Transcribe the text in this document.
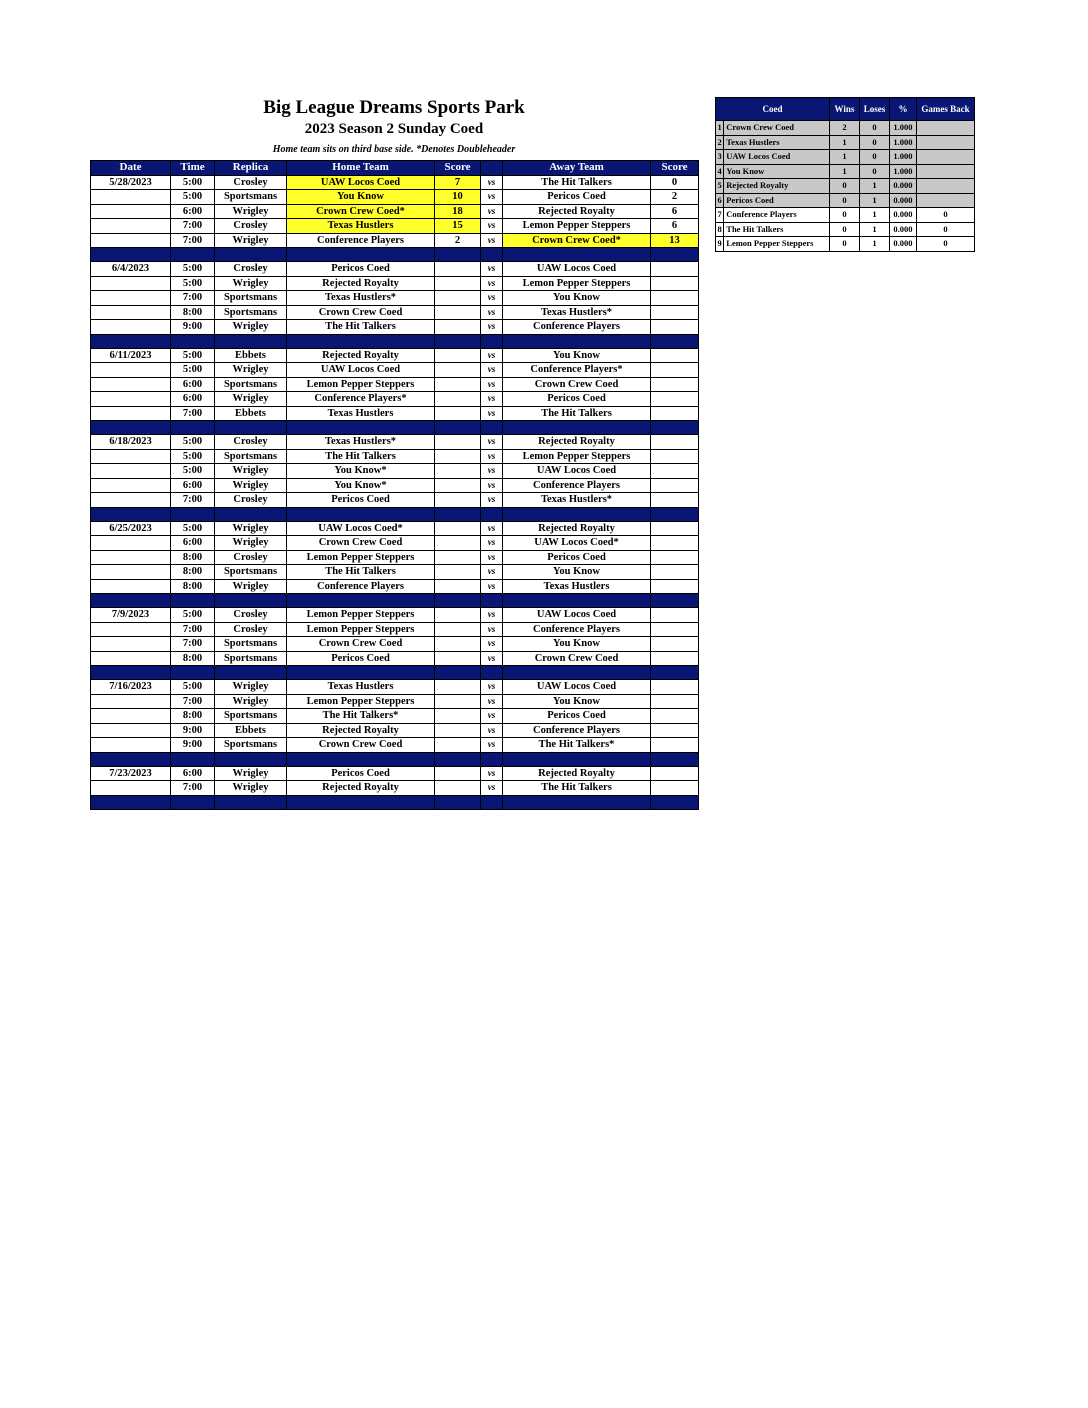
Big League Dreams Sports Park
2023 Season 2 Sunday Coed
Home team sits on third base side. *Denotes Doubleheader
Date	Time	Replica	Home Team	Score		Away Team	Score
5/28/2023	5:00	Crosley	UAW Locos Coed	7	vs	The Hit Talkers	0
	5:00	Sportsmans	You Know	10	vs	Pericos Coed	2
	6:00	Wrigley	Crown Crew Coed*	18	vs	Rejected Royalty	6
	7:00	Crosley	Texas Hustlers	15	vs	Lemon Pepper Steppers	6
	7:00	Wrigley	Conference Players	2	vs	Crown Crew Coed*	13

6/4/2023	5:00	Crosley	Pericos Coed		vs	UAW Locos Coed	
	5:00	Wrigley	Rejected Royalty		vs	Lemon Pepper Steppers	
	7:00	Sportsmans	Texas Hustlers*		vs	You Know	
	8:00	Sportsmans	Crown Crew Coed		vs	Texas Hustlers*	
	9:00	Wrigley	The Hit Talkers		vs	Conference Players	

6/11/2023	5:00	Ebbets	Rejected Royalty		vs	You Know	
	5:00	Wrigley	UAW Locos Coed		vs	Conference Players*	
	6:00	Sportsmans	Lemon Pepper Steppers		vs	Crown Crew Coed	
	6:00	Wrigley	Conference Players*		vs	Pericos Coed	
	7:00	Ebbets	Texas Hustlers		vs	The Hit Talkers	

6/18/2023	5:00	Crosley	Texas Hustlers*		vs	Rejected Royalty	
	5:00	Sportsmans	The Hit Talkers		vs	Lemon Pepper Steppers	
	5:00	Wrigley	You Know*		vs	UAW Locos Coed	
	6:00	Wrigley	You Know*		vs	Conference Players	
	7:00	Crosley	Pericos Coed		vs	Texas Hustlers*	

6/25/2023	5:00	Wrigley	UAW Locos Coed*		vs	Rejected Royalty	
	6:00	Wrigley	Crown Crew Coed		vs	UAW Locos Coed*	
	8:00	Crosley	Lemon Pepper Steppers		vs	Pericos Coed	
	8:00	Sportsmans	The Hit Talkers		vs	You Know	
	8:00	Wrigley	Conference Players		vs	Texas Hustlers	

7/9/2023	5:00	Crosley	Lemon Pepper Steppers		vs	UAW Locos Coed	
	7:00	Crosley	Lemon Pepper Steppers		vs	Conference Players	
	7:00	Sportsmans	Crown Crew Coed		vs	You Know	
	8:00	Sportsmans	Pericos Coed		vs	Crown Crew Coed	

7/16/2023	5:00	Wrigley	Texas Hustlers		vs	UAW Locos Coed	
	7:00	Wrigley	Lemon Pepper Steppers		vs	You Know	
	8:00	Sportsmans	The Hit Talkers*		vs	Pericos Coed	
	9:00	Ebbets	Rejected Royalty		vs	Conference Players	
	9:00	Sportsmans	Crown Crew Coed		vs	The Hit Talkers*	

7/23/2023	6:00	Wrigley	Pericos Coed		vs	Rejected Royalty	
	7:00	Wrigley	Rejected Royalty		vs	The Hit Talkers	

Coed		Wins	Loses	%	Games Back
1	Crown Crew Coed	2	0	1.000	
2	Texas Hustlers	1	0	1.000	
3	UAW Locos Coed	1	0	1.000	
4	You Know	1	0	1.000	
5	Rejected Royalty	0	1	0.000	
6	Pericos Coed	0	1	0.000	
7	Conference Players	0	1	0.000	0
8	The Hit Talkers	0	1	0.000	0
9	Lemon Pepper Steppers	0	1	0.000	0
